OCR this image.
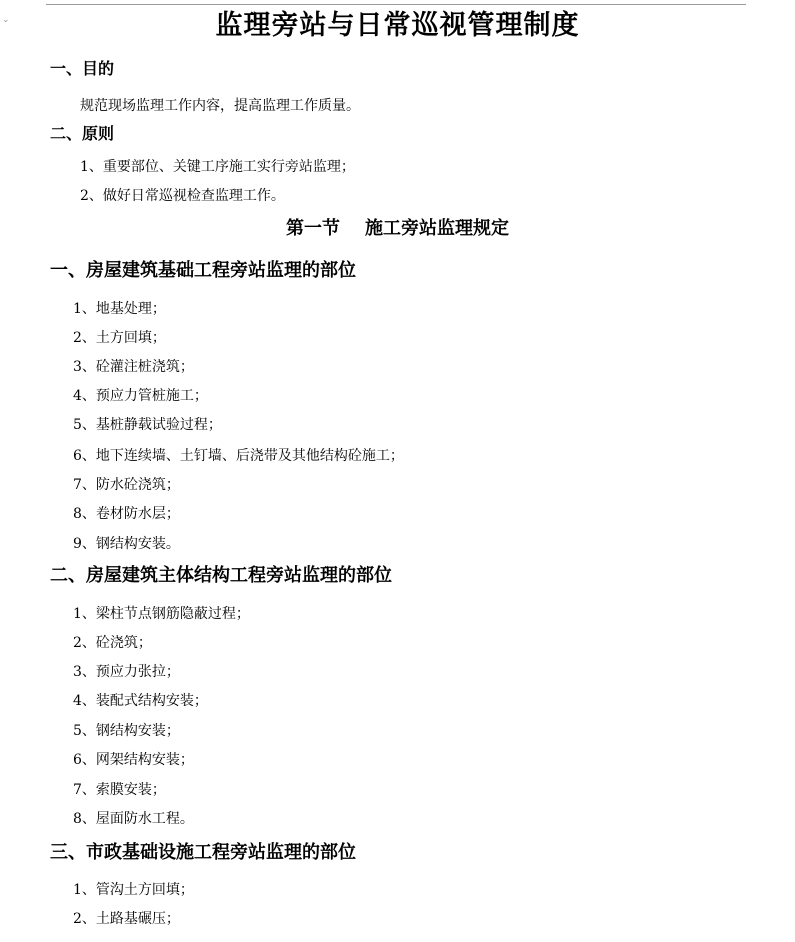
⌄	监理旁站与日常巡视管理制度
一、目的
规范现场监理工作内容，提高监理工作质量。
二、原则
1、重要部位、关键工序施工实行旁站监理；
2、做好日常巡视检查监理工作。
第一节    施工旁站监理规定
一、房屋建筑基础工程旁站监理的部位
1、地基处理；
2、土方回填；
3、砼灌注桩浇筑；
4、预应力管桩施工；
5、基桩静载试验过程；
6、地下连续墙、土钉墙、后浇带及其他结构砼施工；
7、防水砼浇筑；
8、卷材防水层；
9、钢结构安装。
二、房屋建筑主体结构工程旁站监理的部位
1、梁柱节点钢筋隐蔽过程；
2、砼浇筑；
3、预应力张拉；
4、装配式结构安装；
5、钢结构安装；
6、网架结构安装；
7、索膜安装；
8、屋面防水工程。
三、市政基础设施工程旁站监理的部位
1、管沟土方回填；
2、土路基碾压；
